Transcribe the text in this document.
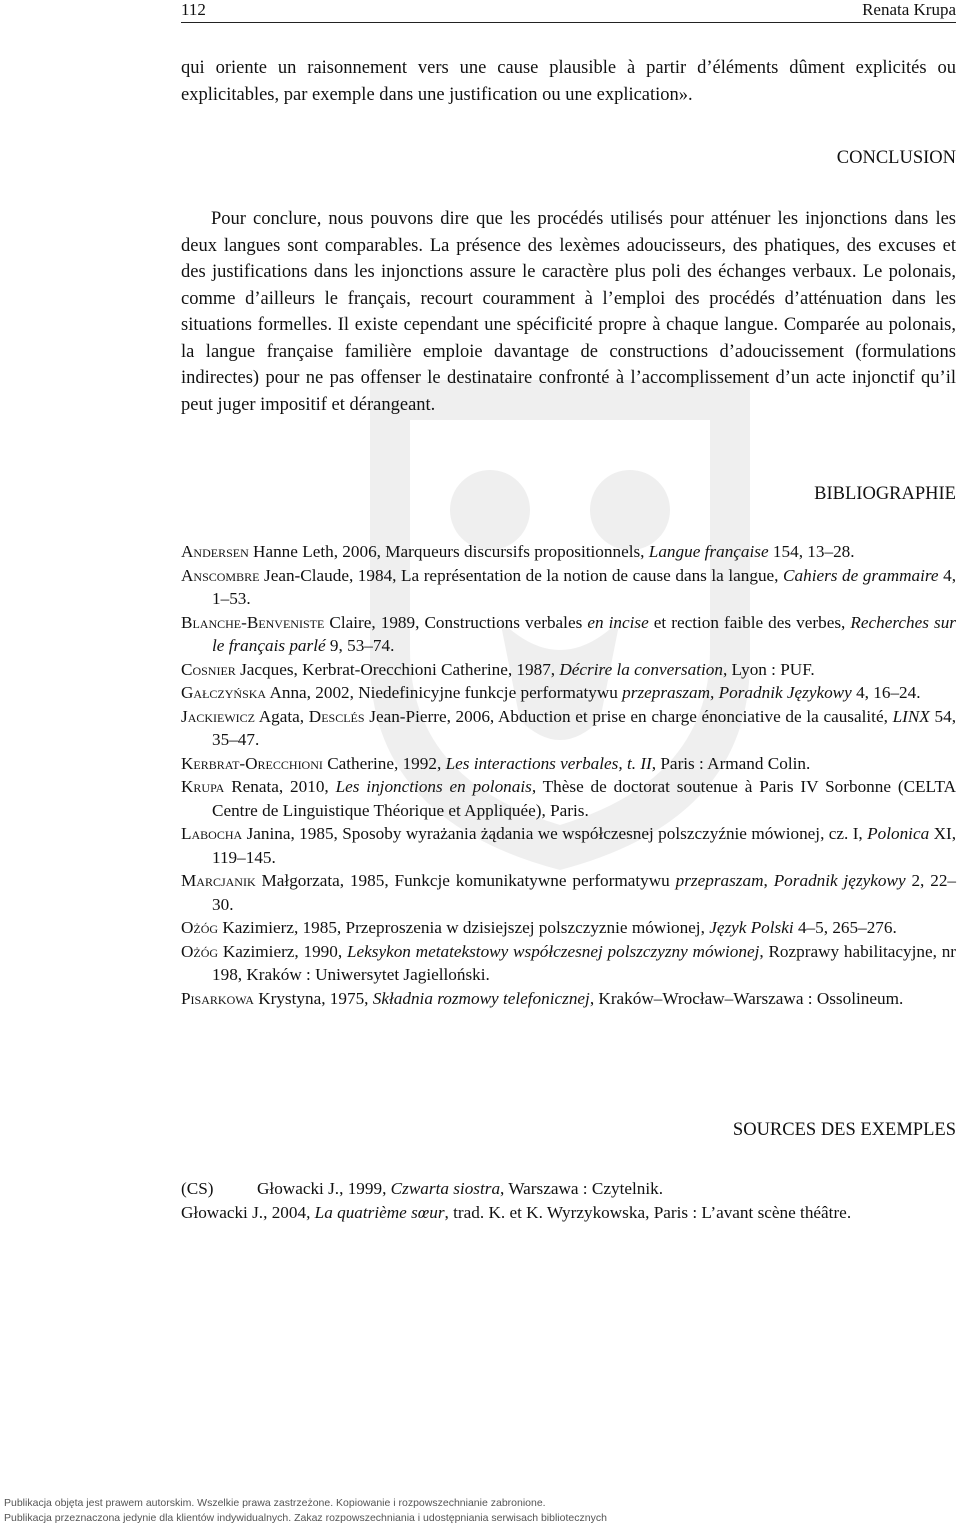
112	Renata Krupa
qui oriente un raisonnement vers une cause plausible à partir d’éléments dûment explicités ou explicitables, par exemple dans une justification ou une explication».
CONCLUSION
Pour conclure, nous pouvons dire que les procédés utilisés pour atténuer les injonctions dans les deux langues sont comparables. La présence des lexèmes adoucisseurs, des phatiques, des excuses et des justifications dans les injonctions assure le caractère plus poli des échanges verbaux. Le polonais, comme d’ailleurs le français, recourt couramment à l’emploi des procédés d’atténuation dans les situations formelles. Il existe cependant une spécificité propre à chaque langue. Comparée au polonais, la langue française familière emploie davantage de constructions d’adoucissement (formulations indirectes) pour ne pas offenser le destinataire confronté à l’accomplissement d’un acte injonctif qu’il peut juger impositif et dérangeant.
BIBLIOGRAPHIE
Andersen Hanne Leth, 2006, Marqueurs discursifs propositionnels, Langue française 154, 13–28.
Anscombre Jean-Claude, 1984, La représentation de la notion de cause dans la langue, Cahiers de grammaire 4, 1–53.
Blanche-Benveniste Claire, 1989, Constructions verbales en incise et rection faible des verbes, Recherches sur le français parlé 9, 53–74.
Cosnier Jacques, Kerbrat-Orecchioni Catherine, 1987, Décrire la conversation, Lyon : PUF.
Gałczyńska Anna, 2002, Niedefinicyjne funkcje performatywu przepraszam, Poradnik Językowy 4, 16–24.
Jackiewicz Agata, Desclés Jean-Pierre, 2006, Abduction et prise en charge énonciative de la causalité, LINX 54, 35–47.
Kerbrat-Orecchioni Catherine, 1992, Les interactions verbales, t. II, Paris : Armand Colin.
Krupa Renata, 2010, Les injonctions en polonais, Thèse de doctorat soutenue à Paris IV Sorbonne (CELTA Centre de Linguistique Théorique et Appliquée), Paris.
Labocha Janina, 1985, Sposoby wyrażania żądania we współczesnej polszczyźnie mówionej, cz. I, Polonica XI, 119–145.
Marcjanik Małgorzata, 1985, Funkcje komunikatywne performatywu przepraszam, Poradnik językowy 2, 22–30.
Ożóg Kazimierz, 1985, Przeproszenia w dzisiejszej polszczyznie mówionej, Język Polski 4–5, 265–276.
Ożóg Kazimierz, 1990, Leksykon metatekstowy współczesnej polszczyzny mówionej, Rozprawy habilitacyjne, nr 198, Kraków : Uniwersytet Jagielloński.
Pisarkowa Krystyna, 1975, Składnia rozmowy telefonicznej, Kraków–Wrocław–Warszawa : Ossolineum.
SOURCES DES EXEMPLES
(CS)	Głowacki J., 1999, Czwarta siostra, Warszawa : Czytelnik.
Głowacki J., 2004, La quatrième sœur, trad. K. et K. Wyrzykowska, Paris : L’avant scène théâtre.
Publikacja objęta jest prawem autorskim. Wszelkie prawa zastrzeżone. Kopiowanie i rozpowszechnianie zabronione.
Publikacja przeznaczona jedynie dla klientów indywidualnych. Zakaz rozpowszechniania i udostępniania serwisach bibliotecznych
